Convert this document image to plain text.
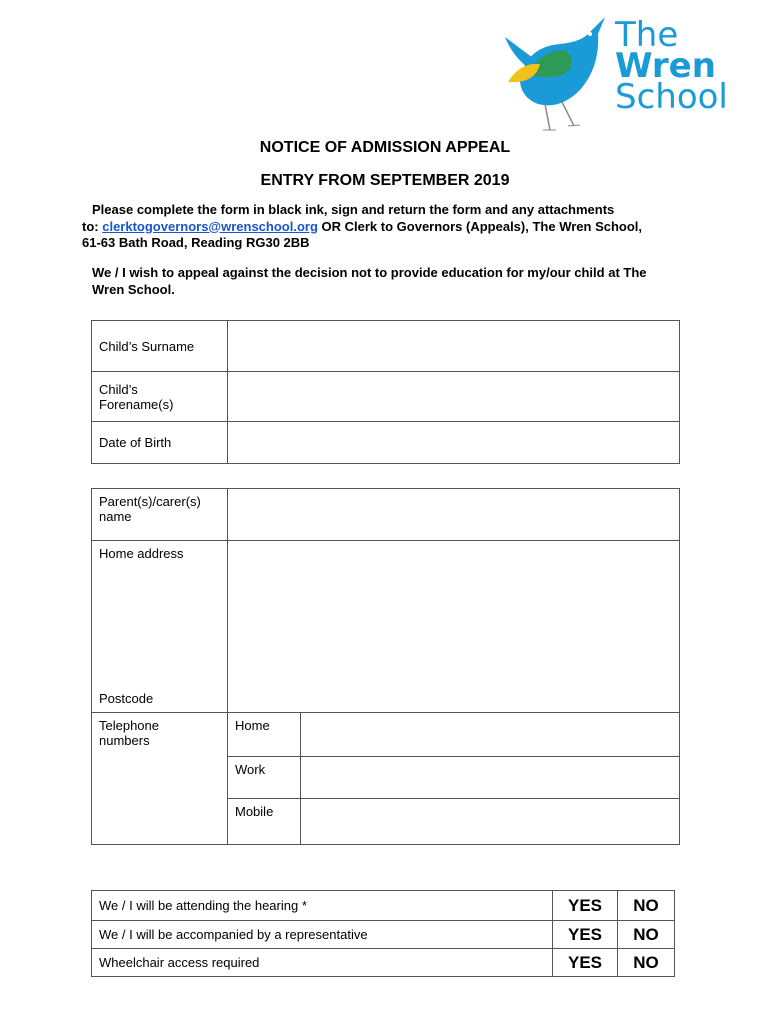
The
Wren
School
NOTICE OF ADMISSION APPEAL
ENTRY FROM SEPTEMBER 2019
Please complete the form in black ink, sign and return the form and any attachments
to: clerktogovernors@wrenschool.org OR Clerk to Governors (Appeals), The Wren School,
61-63 Bath Road, Reading RG30 2BB
We / I wish to appeal against the decision not to provide education for my/our child at The Wren School.
Child’s Surname	

Child’s
Forename(s)	

Date of Birth	
Parent(s)/carer(s)
name		

Home address
Postcode		

Telephone
numbers	Home	
	Work	
	Mobile	
We / I will be attending the hearing *	YES	NO
We / I will be accompanied by a representative	YES	NO
Wheelchair access required	YES	NO
